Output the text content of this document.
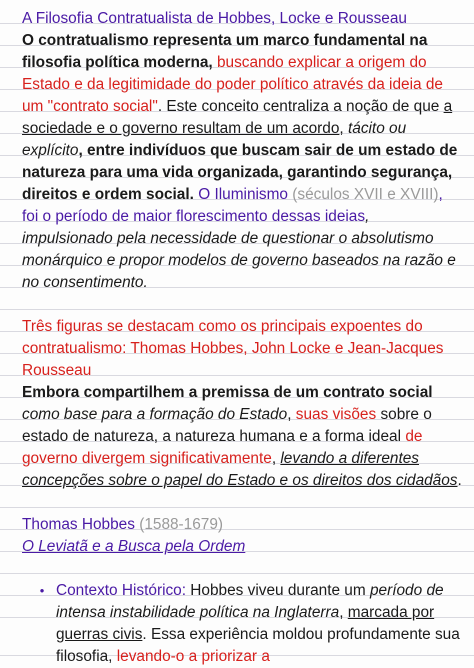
A Filosofia Contratualista de Hobbes, Locke e Rousseau

O contratualismo representa um marco fundamental na filosofia política moderna, buscando explicar a origem do Estado e da legitimidade do poder político através da ideia de um "contrato social". Este conceito centraliza a noção de que a sociedade e o governo resultam de um acordo, tácito ou explícito, entre indivíduos que buscam sair de um estado de natureza para uma vida organizada, garantindo segurança, direitos e ordem social. O Iluminismo (séculos XVII e XVIII), foi o período de maior florescimento dessas ideias, impulsionado pela necessidade de questionar o absolutismo monárquico e propor modelos de governo baseados na razão e no consentimento.

Três figuras se destacam como os principais expoentes do contratualismo: Thomas Hobbes, John Locke e Jean-Jacques Rousseau

Embora compartilhem a premissa de um contrato social como base para a formação do Estado, suas visões sobre o estado de natureza, a natureza humana e a forma ideal de governo divergem significativamente, levando a diferentes concepções sobre o papel do Estado e os direitos dos cidadãos.

Thomas Hobbes (1588-1679)

O Leviatã e a Busca pela Ordem

• Contexto Histórico: Hobbes viveu durante um período de intensa instabilidade política na Inglaterra, marcada por guerras civis. Essa experiência moldou profundamente sua filosofia, levando-o a priorizar a
